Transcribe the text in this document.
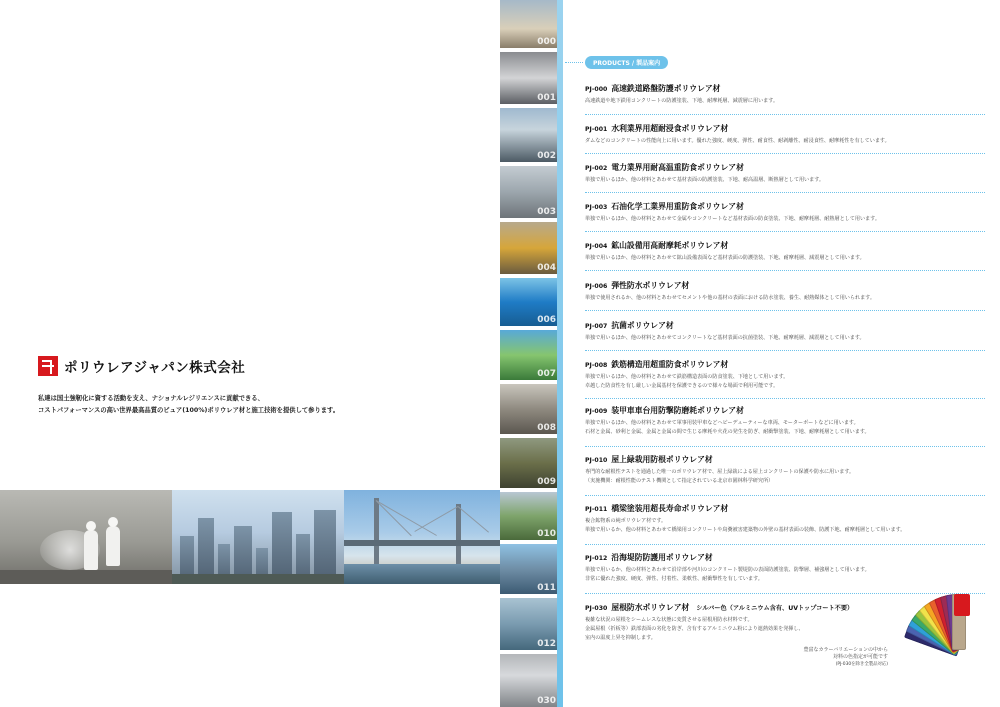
ポリウレアジャパン株式会社
私達は国土強靭化に資する活動を支え、ナショナルレジリエンスに貢献できる、
コストパフォーマンスの高い世界最高品質のピュア(100%)ポリウレア材と施工技術を提供して参ります。
000
001
002
003
004
006
007
008
009
010
011
012
030
PRODUCTS / 製品案内
PJ-000 高速鉄道路盤防護ポリウレア材
高速鉄道や地下鉄用コンクリートの防護塗装、下地、耐摩耗層、減震層に用います。
PJ-001 水利業界用超耐浸食ポリウレア材
ダムなどのコンクリートの性能向上に用います。優れた強度、硬度、弾性、耐食性、耐剥離性、耐浸食性、耐摩耗性を有しています。
PJ-002 電力業界用耐高温重防食ポリウレア材
単独で用いるほか、他の材料とあわせて基材表面の防護塗装、下地、耐高温層、断熱層として用います。
PJ-003 石油化学工業界用重防食ポリウレア材
単独で用いるほか、他の材料とあわせて金属やコンクリートなど基材表面の防食塗装、下地、耐摩耗層、耐熱層として用います。
PJ-004 鉱山設備用高耐摩耗ポリウレア材
単独で用いるほか、他の材料とあわせて鉱山設備表面など基材表面の防護塗装、下地、耐摩耗層、減震層として用います。
PJ-006 弾性防水ポリウレア材
単独で使用されるか、他の材料とあわせてセメントや他の基材の表面における防水塗装、養生、耐熱媒体として用いられます。
PJ-007 抗菌ポリウレア材
単独で用いるほか、他の材料とあわせてコンクリートなど基材表面の抗菌塗装、下地、耐摩耗層、減震層として用います。
PJ-008 鉄筋構造用超重防食ポリウレア材
単独で用いるほか、他の材料とあわせて鉄筋構造表面の防食塗装、下地として用います。
卓越した防食性を有し厳しい金属基材を保護できるので様々な場面で利用可能です。
PJ-009 装甲車車台用防撃防磨耗ポリウレア材
単独で用いるほか、他の材料とあわせて軍事用装甲車などヘビーデューティーな車両、モーターボートなどに用います。
石材と金属、砂利と金属、金属と金属の間で生じる摩耗や火花の発生を防ぎ、耐衝撃塗装、下地、耐摩耗層として用います。
PJ-010 屋上緑栽用防根ポリウレア材
専門的な耐根性テストを通過した唯一のポリウレア材で、屋上緑栽による屋上コンクリートの保護や防水に用います。
（実施機関：耐根性能のテスト機関として指定されている北京市園林科学研究所）
PJ-011 橋梁塗装用超長寿命ポリウレア材
複合鉱物系の純ポリウレア材です。
単独で用いるか、他の材料とあわせて橋梁用コンクリートや鳥糞被害建築物の外壁の基材表面の装飾、防護下地、耐摩耗層として用います。
PJ-012 沿海堤防防護用ポリウレア材
単独で用いるか、他の材料とあわせて沿岸部や河川のコンクリート製堤防の表面防護塗装、防撃層、補強層として用います。
非常に優れた強度、硬度、弾性、付着性、柔軟性、耐衝撃性を有しています。
PJ-030 屋根防水ポリウレア材 シルバー色（アルミニウム含有、UVトップコート不要）
複雑な状況の屋根をシームレスな状態に変質させる屋根用防水材料です。
金属屋根（折板等）鉄部表面の劣化を防ぎ、含有するアルミニウム粉により遮熱効果を発揮し、
室内の温度上昇を抑制します。
豊富なカラーバリエーションの中から
対料の色指定が可能です
(PJ-030を除き全製品対応)
